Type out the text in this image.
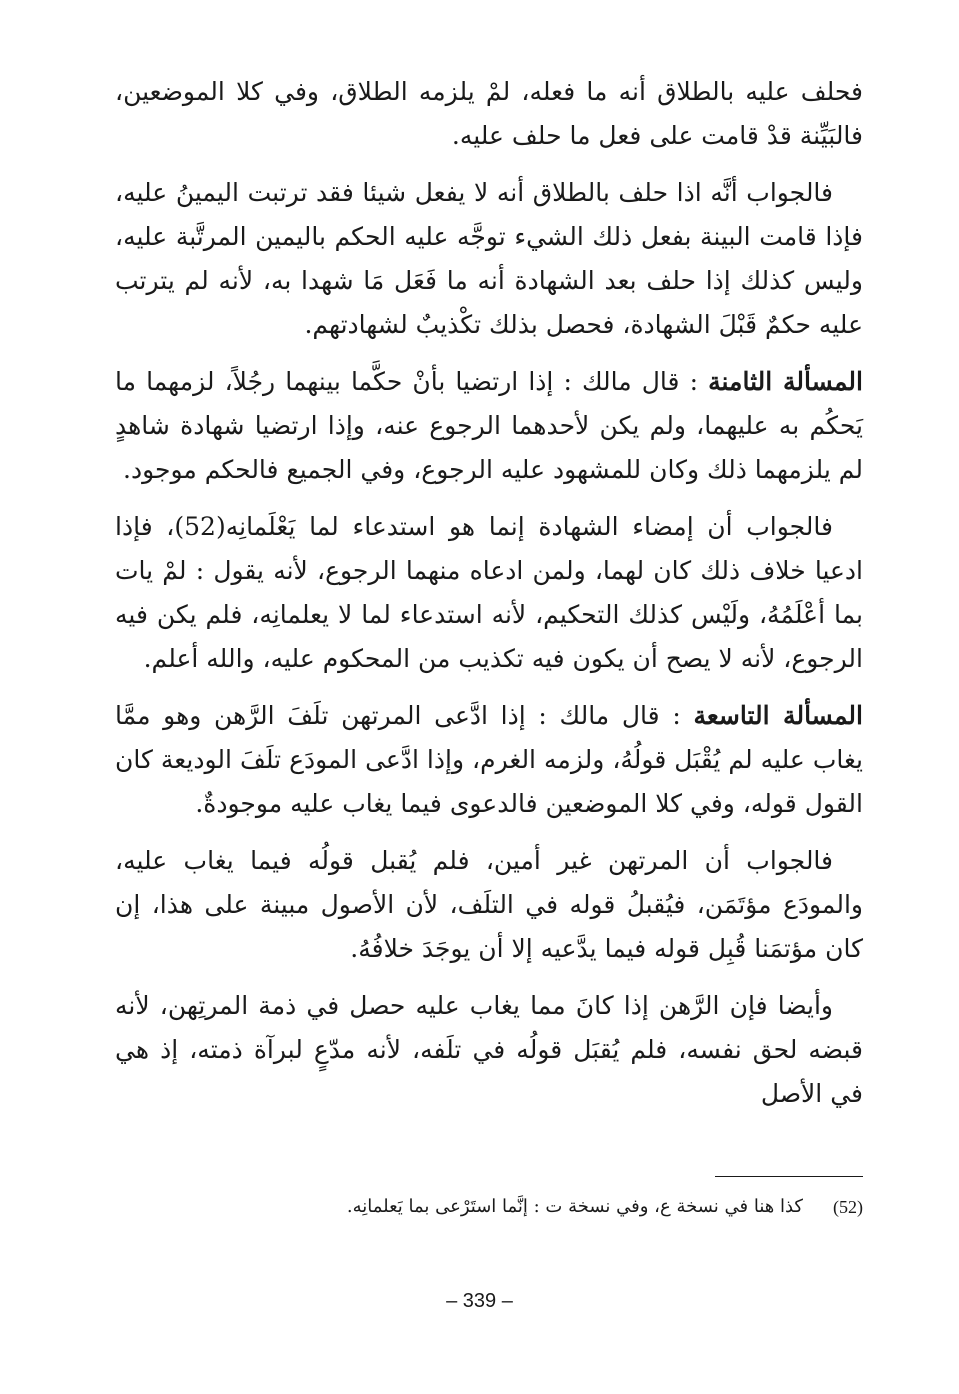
فحلف عليه بالطلاق أنه ما فعله، لمْ يلزمه الطلاق، وفي كلا الموضعين، فالبَيِّنة قدْ قامت على فعل ما حلف عليه.

فالجواب أنَّه اذا حلف بالطلاق أنه لا يفعل شيئا فقد ترتبت اليمينُ عليه، فإذا قامت البينة بفعل ذلك الشيء توجَّه عليه الحكم باليمين المرتَّبة عليه، وليس كذلك إذا حلف بعد الشهادة أنه ما فَعَل مَا شهدا به، لأنه لم يترتب عليه حكمٌ قَبْلَ الشهادة، فحصل بذلك تكْذيبٌ لشهادتهم.

المسألة الثامنة : قال مالك : إذا ارتضيا بأنْ حكَّما بينهما رجُلاً، لزمهما ما يَحكُم به عليهما، ولم يكن لأحدهما الرجوع عنه، وإذا ارتضيا شهادة شاهدٍ لم يلزمهما ذلك وكان للمشهود عليه الرجوع، وفي الجميع فالحكم موجود.

فالجواب أن إمضاء الشهادة إنما هو استدعاء لما يَعْلَمانِه(52)، فإذا ادعيا خلاف ذلك كان لهما، ولمن ادعاه منهما الرجوع، لأنه يقول : لمْ يات بما أعْلَمُهُ، ولَيْس كذلك التحكيم، لأنه استدعاء لما لا يعلمانِه، فلم يكن فيه الرجوع، لأنه لا يصح أن يكون فيه تكذيب من المحكوم عليه، والله أعلم.

المسألة التاسعة : قال مالك : إذا ادَّعى المرتهن تلَفَ الرَّهن وهو ممَّا يغاب عليه لم يُقْبَل قولُهُ، ولزمه الغرم، وإذا ادَّعى المودَع تلَفَ الوديعة كان القول قوله، وفي كلا الموضعين فالدعوى فيما يغاب عليه موجودةٌ.

فالجواب أن المرتهن غير أمين، فلم يُقبل قولُه فيما يغاب عليه، والمودَع مؤتَمَن، فيُقبلُ قوله في التلَف، لأن الأصول مبينة على هذا، إن كان مؤتمَنا قُبِل قوله فيما يدَّعيه إلا أن يوجَدَ خلافُهُ.

وأيضا فإن الرَّهن إذا كانَ مما يغاب عليه حصل في ذمة المرتِهن، لأنه قبضه لحق نفسه، فلم يُقبَل قولُه في تلَفه، لأنه مدّعٍ لبرآة ذمته، إذ هي في الأصل

(52)
كذا هنا في نسخة ع، وفي نسخة ت : إنَّما استَرْعى بما يَعلمانِه.
– 339 –
